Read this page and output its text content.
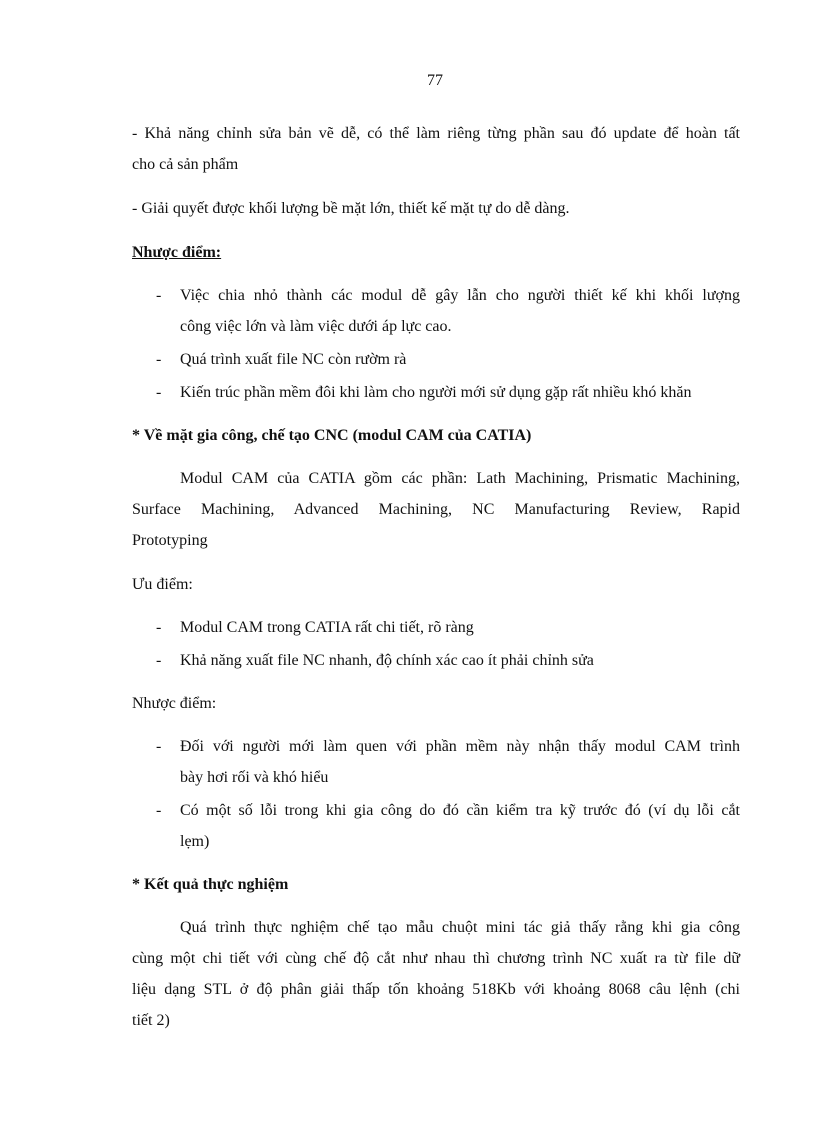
77
- Khả năng chỉnh sửa bản vẽ dễ, có thể làm riêng từng phần sau đó update để hoàn tất
cho cả sản phẩm
- Giải quyết được khối lượng bề mặt lớn, thiết kế mặt tự do dễ dàng.
Nhược điểm:
- Việc chia nhỏ thành các modul dễ gây lẫn cho người thiết kế khi khối lượng
công việc lớn và làm việc dưới áp lực cao.
- Quá trình xuất file NC còn rườm rà
- Kiến trúc phần mềm đôi khi làm cho người mới sử dụng gặp rất nhiều khó khăn
* Về mặt gia công, chế tạo CNC (modul CAM của CATIA)
Modul CAM của CATIA gồm các phần: Lath Machining, Prismatic Machining,
Surface Machining, Advanced Machining, NC Manufacturing Review, Rapid
Prototyping
Ưu điểm:
- Modul CAM trong CATIA rất chi tiết, rõ ràng
- Khả năng xuất file NC nhanh, độ chính xác cao ít phải chỉnh sửa
Nhược điểm:
- Đối với người mới làm quen với phần mềm này nhận thấy modul CAM trình
bày hơi rối và khó hiểu
- Có một số lỗi trong khi gia công do đó cần kiểm tra kỹ trước đó (ví dụ lỗi cắt
lẹm)
* Kết quả thực nghiệm
Quá trình thực nghiệm chế tạo mẫu chuột mini tác giả thấy rằng khi gia công
cùng một chi tiết với cùng chế độ cắt như nhau thì chương trình NC xuất ra từ file dữ
liệu dạng STL ở độ phân giải thấp tốn khoảng 518Kb với khoảng 8068 câu lệnh (chi
tiết 2)
